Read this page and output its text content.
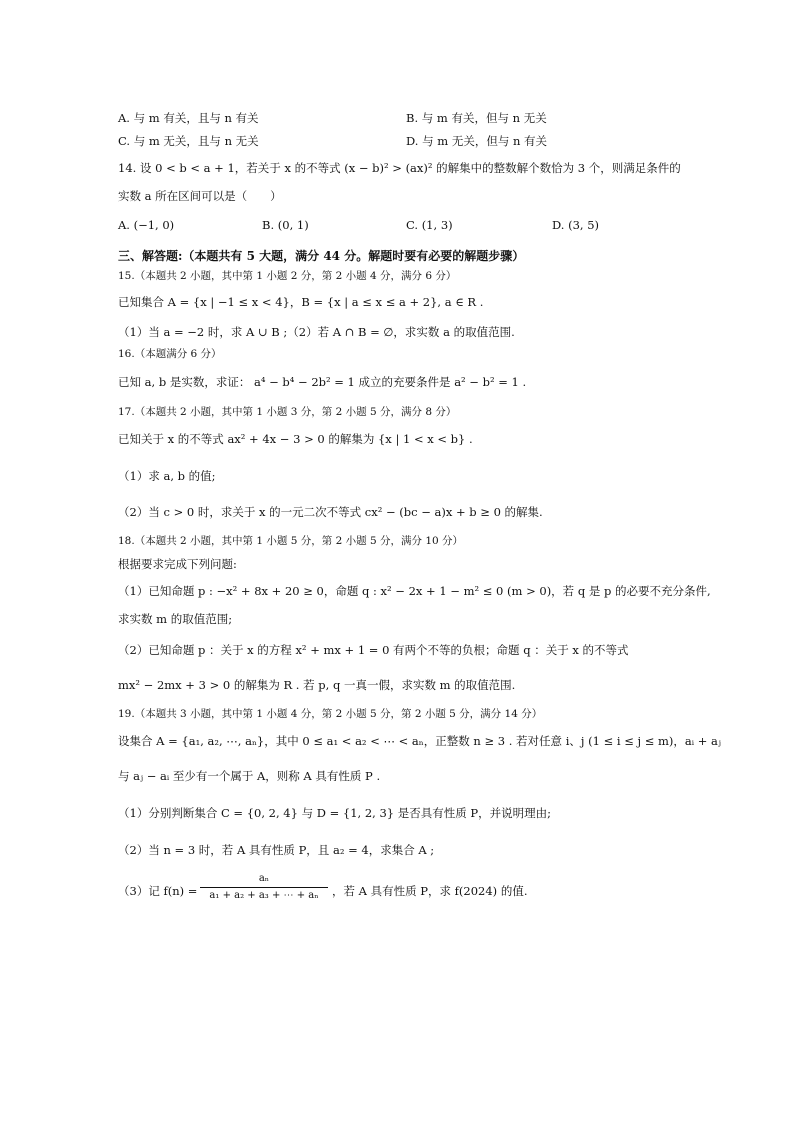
A. 与 m 有关，且与 n 有关	B. 与 m 有关，但与 n 无关
C. 与 m 无关，且与 n 无关	D. 与 m 无关，但与 n 有关
14. 设 0 < b < a + 1，若关于 x 的不等式 (x − b)² > (ax)² 的解集中的整数解个数恰为 3 个，则满足条件的
实数 a 所在区间可以是（　　）
A. (−1, 0)	B. (0, 1)	C. (1, 3)	D. (3, 5)
三、解答题:（本题共有 5 大题，满分 44 分。解题时要有必要的解题步骤）
15.（本题共 2 小题，其中第 1 小题 2 分，第 2 小题 4 分，满分 6 分）
已知集合 A = {x | −1 ≤ x < 4}，B = {x | a ≤ x ≤ a + 2}, a ∈ R .
（1）当 a = −2 时，求 A ∪ B ;（2）若 A ∩ B = ∅，求实数 a 的取值范围.
16.（本题满分 6 分）
已知 a, b 是实数，求证： a⁴ − b⁴ − 2b² = 1 成立的充要条件是 a² − b² = 1 .
17.（本题共 2 小题，其中第 1 小题 3 分，第 2 小题 5 分，满分 8 分）
已知关于 x 的不等式 ax² + 4x − 3 > 0 的解集为 {x | 1 < x < b} .
（1）求 a, b 的值;
（2）当 c > 0 时，求关于 x 的一元二次不等式 cx² − (bc − a)x + b ≥ 0 的解集.
18.（本题共 2 小题，其中第 1 小题 5 分，第 2 小题 5 分，满分 10 分）
根据要求完成下列问题:
（1）已知命题 p : −x² + 8x + 20 ≥ 0，命题 q : x² − 2x + 1 − m² ≤ 0 (m > 0)，若 q 是 p 的必要不充分条件,
求实数 m 的取值范围;
（2）已知命题 p ：关于 x 的方程 x² + mx + 1 = 0 有两个不等的负根；命题 q ：关于 x 的不等式
mx² − 2mx + 3 > 0 的解集为 R . 若 p, q 一真一假，求实数 m 的取值范围.
19.（本题共 3 小题，其中第 1 小题 4 分，第 2 小题 5 分，第 2 小题 5 分，满分 14 分）
设集合 A = {a₁, a₂, ⋯, aₙ}，其中 0 ≤ a₁ < a₂ < ⋯ < aₙ，正整数 n ≥ 3 . 若对任意 i、j (1 ≤ i ≤ j ≤ m)，aᵢ + aⱼ
与 aⱼ − aᵢ 至少有一个属于 A，则称 A 具有性质 P .
（1）分别判断集合 C = {0, 2, 4} 与 D = {1, 2, 3} 是否具有性质 P，并说明理由;
（2）当 n = 3 时，若 A 具有性质 P，且 a₂ = 4，求集合 A ;
（3）记 f(n) =
aₙ
a₁ + a₂ + a₃ + ⋯ + aₙ	，若 A 具有性质 P，求 f(2024) 的值.
